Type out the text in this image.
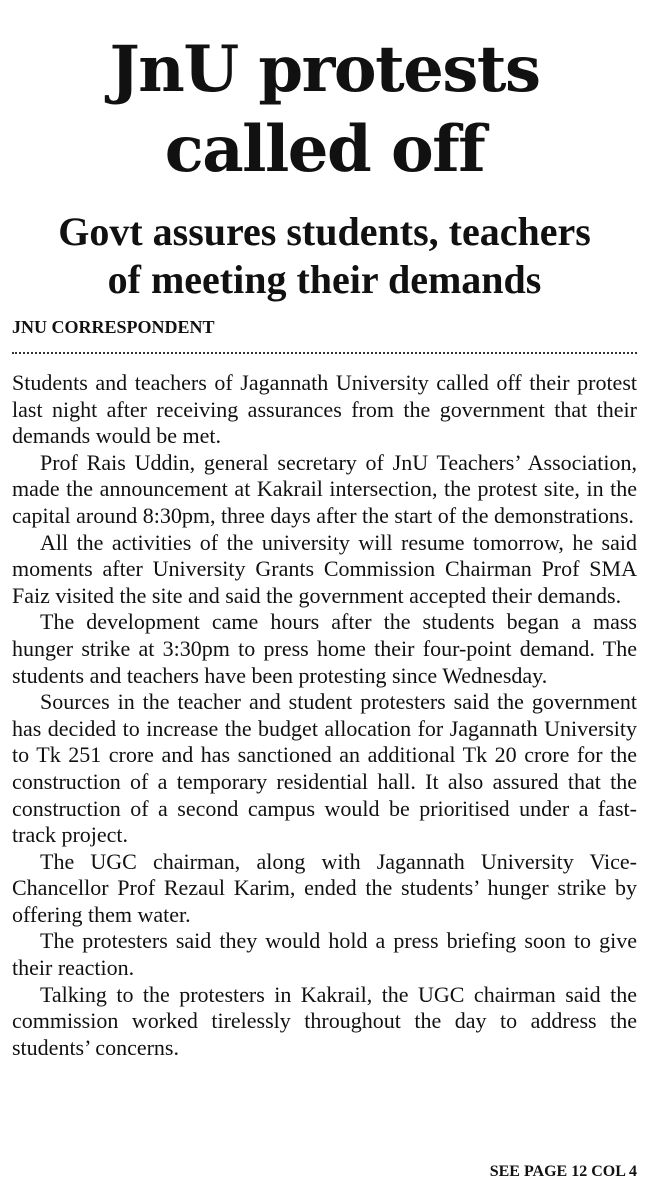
JnU protests
called off
Govt assures students, teachers
of meeting their demands
JNU CORRESPONDENT

Students and teachers of Jagannath University called off their protest last night after receiving assurances from the government that their demands would be met.

Prof Rais Uddin, general secretary of JnU Teachers’ Association, made the announcement at Kakrail intersection, the protest site, in the capital around 8:30pm, three days after the start of the demonstrations.

All the activities of the university will resume tomorrow, he said moments after University Grants Commission Chairman Prof SMA Faiz visited the site and said the government accepted their demands.

The development came hours after the students began a mass hunger strike at 3:30pm to press home their four-point demand. The students and teachers have been protesting since Wednesday.

Sources in the teacher and student protesters said the government has decided to increase the budget allocation for Jagannath University to Tk 251 crore and has sanctioned an additional Tk 20 crore for the construction of a temporary residential hall. It also assured that the construction of a second campus would be prioritised under a fast-track project.

The UGC chairman, along with Jagannath University Vice-Chancellor Prof Rezaul Karim, ended the students’ hunger strike by offering them water.

The protesters said they would hold a press briefing soon to give their reaction.

Talking to the protesters in Kakrail, the UGC chairman said the commission worked tirelessly throughout the day to address the students’ concerns.

SEE PAGE 12 COL 4
